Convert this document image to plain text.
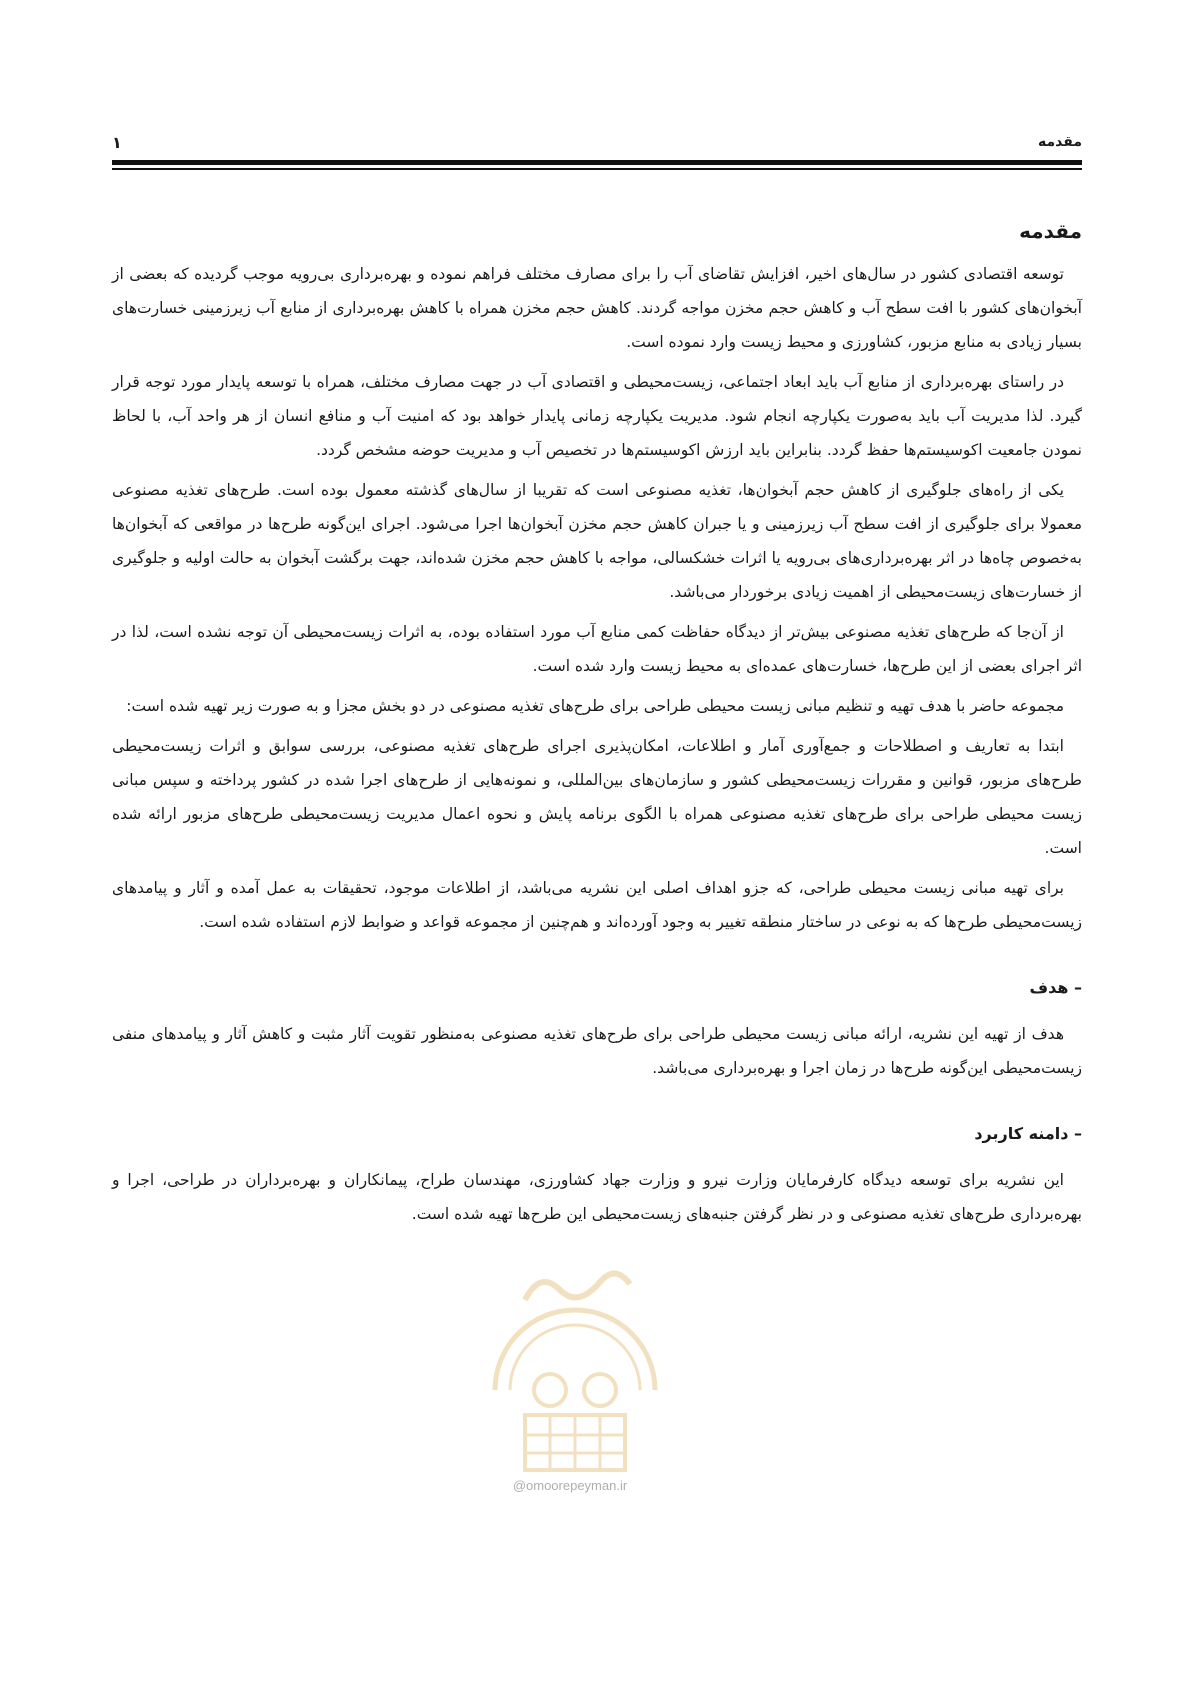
مقدمه
۱
مقدمه

توسعه اقتصادی کشور در سال‌های اخیر، افزایش تقاضای آب را برای مصارف مختلف فراهم نموده و بهره‌برداری بی‌رویه موجب گردیده که بعضی از آبخوان‌های کشور با افت سطح آب و کاهش حجم مخزن مواجه گردند. کاهش حجم مخزن همراه با کاهش بهره‌برداری از منابع آب زیرزمینی خسارت‌های بسیار زیادی به منابع مزبور، کشاورزی و محیط زیست وارد نموده است.

در راستای بهره‌برداری از منابع آب باید ابعاد اجتماعی، زیست‌محیطی و اقتصادی آب در جهت مصارف مختلف، همراه با توسعه پایدار مورد توجه قرار گیرد. لذا مدیریت آب باید به‌صورت یکپارچه انجام شود. مدیریت یکپارچه زمانی پایدار خواهد بود که امنیت آب و منافع انسان از هر واحد آب، با لحاظ نمودن جامعیت اکوسیستم‌ها حفظ گردد. بنابراین باید ارزش اکوسیستم‌ها در تخصیص آب و مدیریت حوضه مشخص گردد.

یکی از راه‌های جلوگیری از کاهش حجم آبخوان‌ها، تغذیه مصنوعی است که تقریبا از سال‌های گذشته معمول بوده است. طرح‌های تغذیه مصنوعی معمولا برای جلوگیری از افت سطح آب زیرزمینی و یا جبران کاهش حجم مخزن آبخوان‌ها اجرا می‌شود. اجرای این‌گونه طرح‌ها در مواقعی که آبخوان‌ها به‌خصوص چاه‌ها در اثر بهره‌برداری‌های بی‌رویه یا اثرات خشکسالی، مواجه با کاهش حجم مخزن شده‌اند، جهت برگشت آبخوان به حالت اولیه و جلوگیری از خسارت‌های زیست‌محیطی از اهمیت زیادی برخوردار می‌باشد.

از آن‌جا که طرح‌های تغذیه مصنوعی بیش‌تر از دیدگاه حفاظت کمی منابع آب مورد استفاده بوده، به اثرات زیست‌محیطی آن توجه نشده است، لذا در اثر اجرای بعضی از این طرح‌ها، خسارت‌های عمده‌ای به محیط زیست وارد شده است.

مجموعه حاضر با هدف تهیه و تنظیم مبانی زیست محیطی طراحی برای طرح‌های تغذیه مصنوعی در دو بخش مجزا و به صورت زیر تهیه شده است:

ابتدا به تعاریف و اصطلاحات و جمع‌آوری آمار و اطلاعات، امکان‌پذیری اجرای طرح‌های تغذیه مصنوعی، بررسی سوابق و اثرات زیست‌محیطی طرح‌های مزبور، قوانین و مقررات زیست‌محیطی کشور و سازمان‌های بین‌المللی، و نمونه‌هایی از طرح‌های اجرا شده در کشور پرداخته و سپس مبانی زیست محیطی طراحی برای طرح‌های تغذیه مصنوعی همراه با الگوی برنامه پایش و نحوه اعمال مدیریت زیست‌محیطی طرح‌های مزبور ارائه شده است.

برای تهیه مبانی زیست محیطی طراحی، که جزو اهداف اصلی این نشریه می‌باشد، از اطلاعات موجود، تحقیقات به عمل آمده و آثار و پیامدهای زیست‌محیطی طرح‌ها که به نوعی در ساختار منطقه تغییر به وجود آورده‌اند و هم‌چنین از مجموعه قواعد و ضوابط لازم استفاده شده است.

– هدف

هدف از تهیه این نشریه، ارائه مبانی زیست محیطی طراحی برای طرح‌های تغذیه مصنوعی به‌منظور تقویت آثار مثبت و کاهش آثار و پیامدهای منفی زیست‌محیطی این‌گونه طرح‌ها در زمان اجرا و بهره‌برداری می‌باشد.

– دامنه کاربرد

این نشریه برای توسعه دیدگاه کارفرمایان وزارت نیرو و وزارت جهاد کشاورزی، مهندسان طراح، پیمانکاران و بهره‌برداران در طراحی، اجرا و بهره‌برداری طرح‌های تغذیه مصنوعی و در نظر گرفتن جنبه‌های زیست‌محیطی این طرح‌ها تهیه شده است.

@omoorepeyman.ir
